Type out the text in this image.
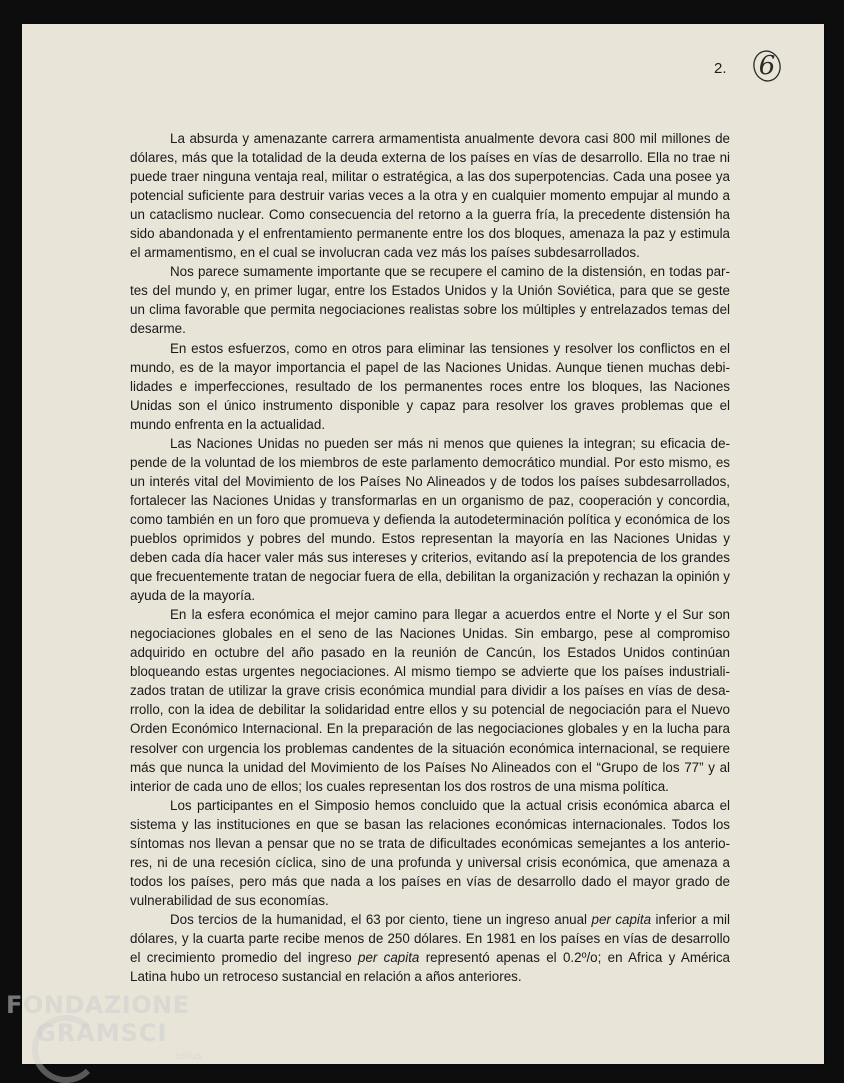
2. 6

La absurda y amenazante carrera armamentista anualmente devora casi 800 mil millones de dólares, más que la totalidad de la deuda externa de los países en vías de desarrollo. Ella no trae ni puede traer ninguna ventaja real, militar o estratégica, a las dos superpotencias. Cada una posee ya potencial suficiente para destruir varias veces a la otra y en cualquier momento empujar al mundo a un cataclismo nuclear. Como consecuencia del retorno a la guerra fría, la precedente distensión ha sido abandonada y el enfrentamiento permanente entre los dos bloques, amenaza la paz y estimula el armamentismo, en el cual se involucran cada vez más los países subdesarrollados.

Nos parece sumamente importante que se recupere el camino de la distensión, en todas partes del mundo y, en primer lugar, entre los Estados Unidos y la Unión Soviética, para que se geste un clima favorable que permita negociaciones realistas sobre los múltiples y entrelazados temas del desarme.

En estos esfuerzos, como en otros para eliminar las tensiones y resolver los conflictos en el mundo, es de la mayor importancia el papel de las Naciones Unidas. Aunque tienen muchas debilidades e imperfecciones, resultado de los permanentes roces entre los bloques, las Naciones Unidas son el único instrumento disponible y capaz para resolver los graves problemas que el mundo enfrenta en la actualidad.

Las Naciones Unidas no pueden ser más ni menos que quienes la integran; su eficacia depende de la voluntad de los miembros de este parlamento democrático mundial. Por esto mismo, es un interés vital del Movimiento de los Países No Alineados y de todos los países subdesarrollados, fortalecer las Naciones Unidas y transformarlas en un organismo de paz, cooperación y concordia, como también en un foro que promueva y defienda la autodeterminación política y económica de los pueblos oprimidos y pobres del mundo. Estos representan la mayoría en las Naciones Unidas y deben cada día hacer valer más sus intereses y criterios, evitando así la prepotencia de los grandes que frecuentemente tratan de negociar fuera de ella, debilitan la organización y rechazan la opinión y ayuda de la mayoría.

En la esfera económica el mejor camino para llegar a acuerdos entre el Norte y el Sur son negociaciones globales en el seno de las Naciones Unidas. Sin embargo, pese al compromiso adquirido en octubre del año pasado en la reunión de Cancún, los Estados Unidos continúan bloqueando estas urgentes negociaciones. Al mismo tiempo se advierte que los países industrializados tratan de utilizar la grave crisis económica mundial para dividir a los países en vías de desarrollo, con la idea de debilitar la solidaridad entre ellos y su potencial de negociación para el Nuevo Orden Económico Internacional. En la preparación de las negociaciones globales y en la lucha para resolver con urgencia los problemas candentes de la situación económica internacional, se requiere más que nunca la unidad del Movimiento de los Países No Alineados con el “Grupo de los 77” y al interior de cada uno de ellos; los cuales representan los dos rostros de una misma política.

Los participantes en el Simposio hemos concluido que la actual crisis económica abarca el sistema y las instituciones en que se basan las relaciones económicas internacionales. Todos los síntomas nos llevan a pensar que no se trata de dificultades económicas semejantes a los anteriores, ni de una recesión cíclica, sino de una profunda y universal crisis económica, que amenaza a todos los países, pero más que nada a los países en vías de desarrollo dado el mayor grado de vulnerabilidad de sus economías.

Dos tercios de la humanidad, el 63 por ciento, tiene un ingreso anual per capita inferior a mil dólares, y la cuarta parte recibe menos de 250 dólares. En 1981 en los países en vías de desarrollo el crecimiento promedio del ingreso per capita representó apenas el 0.2º/o; en Africa y América Latina hubo un retroceso sustancial en relación a años anteriores.

FONDAZIONE
GRAMSCI
onlus
